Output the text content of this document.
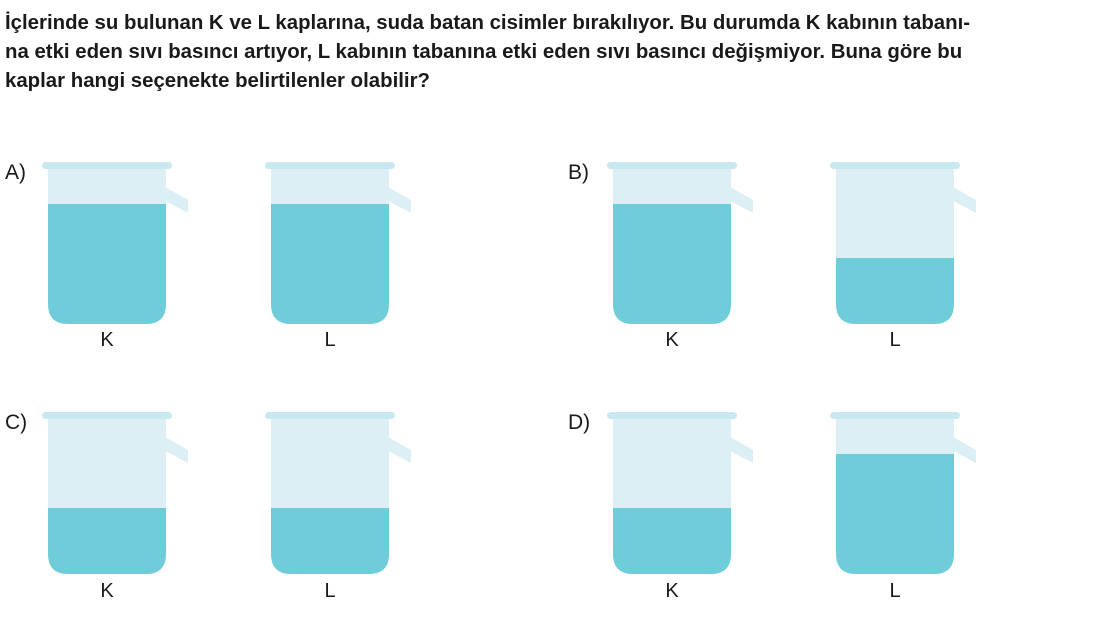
İçlerinde su bulunan K ve L kaplarına, suda batan cisimler bırakılıyor. Bu durumda K kabının tabanı-
na etki eden sıvı basıncı artıyor, L kabının tabanına etki eden sıvı basıncı değişmiyor. Buna göre bu
kaplar hangi seçenekte belirtilenler olabilir?
A)
K	L
B)
K	L
C)
K	L
D)
K	L
